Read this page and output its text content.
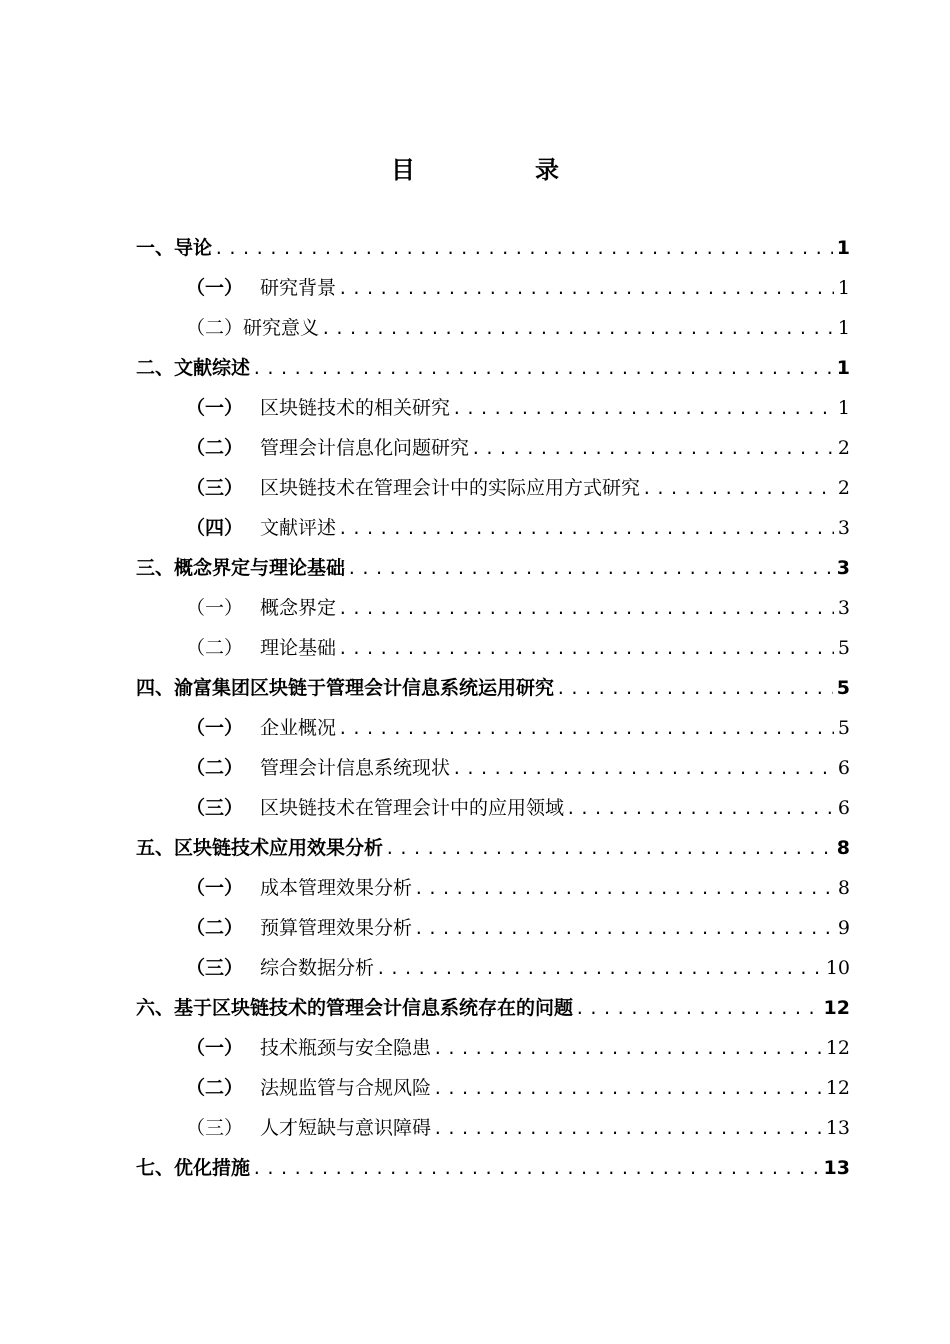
目　录
一、 导论 .....	1
（一） 研究背景 .....	1
（二） 研究意义 .....	1
二、 文献综述 .....	1
（一） 区块链技术的相关研究 .....	1
（二） 管理会计信息化问题研究 .....	2
（三） 区块链技术在管理会计中的实际应用方式研究 .....	2
（四） 文献评述 .....	3
三、 概念界定与理论基础 .....	3
（一） 概念界定 .....	3
（二） 理论基础 .....	5
四、 渝富集团区块链于管理会计信息系统运用研究 .....	5
（一） 企业概况 .....	5
（二） 管理会计信息系统现状 .....	6
（三） 区块链技术在管理会计中的应用领域 .....	6
五、 区块链技术应用效果分析 .....	8
（一） 成本管理效果分析 .....	8
（二） 预算管理效果分析 .....	9
（三） 综合数据分析 .....	10
六、 基于区块链技术的管理会计信息系统存在的问题 .....	12
（一） 技术瓶颈与安全隐患 .....	12
（二） 法规监管与合规风险 .....	12
（三） 人才短缺与意识障碍 .....	13
七、 优化措施 .....	13
